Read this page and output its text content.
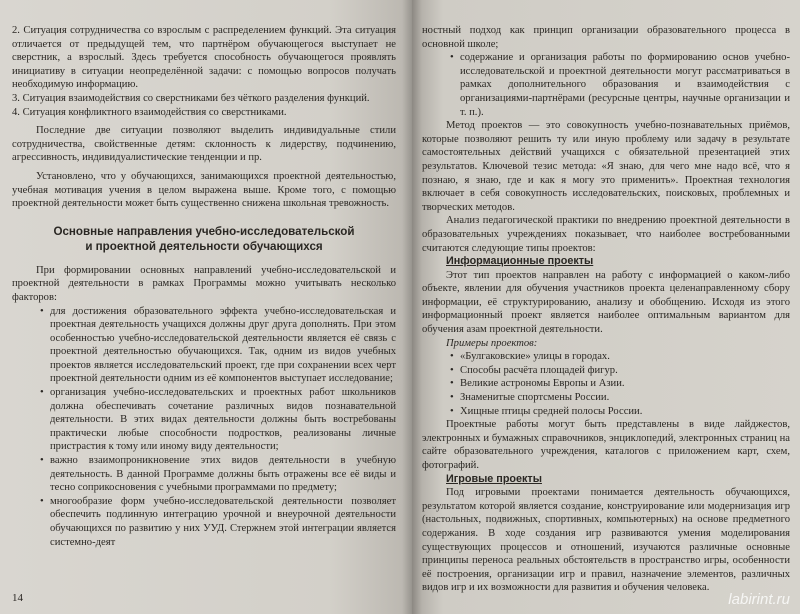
2. Ситуация сотрудничества со взрослым с распределением функций. Эта ситуация отличается от предыдущей тем, что партнёром обучающегося выступает не сверстник, а взрослый. Здесь требуется способность обучающегося проявлять инициативу в ситуации неопределённой задачи: с помощью вопросов получать необходимую информацию.

3. Ситуация взаимодействия со сверстниками без чёткого разделения функций.

4. Ситуация конфликтного взаимодействия со сверстниками.

Последние две ситуации позволяют выделить индивидуальные стили сотрудничества, свойственные детям: склонность к лидерству, подчинению, агрессивность, индивидуалистические тенденции и пр.

Установлено, что у обучающихся, занимающихся проектной деятельностью, учебная мотивация учения в целом выражена выше. Кроме того, с помощью проектной деятельности может быть существенно снижена школьная тревожность.

Основные направления учебно-исследовательской
и проектной деятельности обучающихся

При формировании основных направлений учебно-исследовательской и проектной деятельности в рамках Программы можно учитывать несколько факторов:

• для достижения образовательного эффекта учебно-исследовательская и проектная деятельность учащихся должны друг друга дополнять. При этом особенностью учебно-исследовательской деятельности является её связь с проектной деятельностью обучающихся. Так, одним из видов учебных проектов является исследовательский проект, где при сохранении всех черт проектной деятельности одним из её компонентов выступает исследование;
• организация учебно-исследовательских и проектных работ школьников должна обеспечивать сочетание различных видов познавательной деятельности. В этих видах деятельности должны быть востребованы практически любые способности подростков, реализованы личные пристрастия к тому или иному виду деятельности;
• важно взаимопроникновение этих видов деятельности в учебную деятельность. В данной Программе должны быть отражены все её виды и тесно соприкосновения с учебными программами по предмету;
• многообразие форм учебно-исследовательской деятельности позволяет обеспечить подлинную интеграцию урочной и внеурочной деятельности обучающихся по развитию у них УУД. Стержнем этой интеграции является системно-деят
14

ностный подход как принцип организации образовательного процесса в основной школе;

• содержание и организация работы по формированию основ учебно-исследовательской и проектной деятельности могут рассматриваться в рамках дополнительного образования и взаимодействия с организациями-партнёрами (ресурсные центры, научные организации и т. п.).

Метод проектов — это совокупность учебно-познавательных приёмов, которые позволяют решить ту или иную проблему или задачу в результате самостоятельных действий учащихся с обязательной презентацией этих результатов. Ключевой тезис метода: «Я знаю, для чего мне надо всё, что я познаю, я знаю, где и как я могу это применить». Проектная технология включает в себя совокупность исследовательских, поисковых, проблемных и творческих методов.

Анализ педагогической практики по внедрению проектной деятельности в образовательных учреждениях показывает, что наиболее востребованными считаются следующие типы проектов:

Информационные проекты

Этот тип проектов направлен на работу с информацией о каком-либо объекте, явлении для обучения участников проекта целенаправленному сбору информации, её структурированию, анализу и обобщению. Исходя из этого информационный проект является наиболее оптимальным вариантом для обучения азам проектной деятельности.

Примеры проектов:

• «Булгаковские» улицы в городах.
• Способы расчёта площадей фигур.
• Великие астрономы Европы и Азии.
• Знаменитые спортсмены России.
• Хищные птицы средней полосы России.

Проектные работы могут быть представлены в виде лайджестов, электронных и бумажных справочников, энциклопедий, электронных страниц на сайте образовательного учреждения, каталогов с приложением карт, схем, фотографий.

Игровые проекты

Под игровыми проектами понимается деятельность обучающихся, результатом которой является создание, конструирование или модернизация игр (настольных, подвижных, спортивных, компьютерных) на основе предметного содержания. В ходе создания игр развиваются умения моделирования существующих процессов и отношений, изучаются различные основные принципы переноса реальных обстоятельств в пространство игры, особенности её построения, организации игр и правил, назначение элементов, различных видов игр и их возможности для развития и обучения человека.

labirint.ru
